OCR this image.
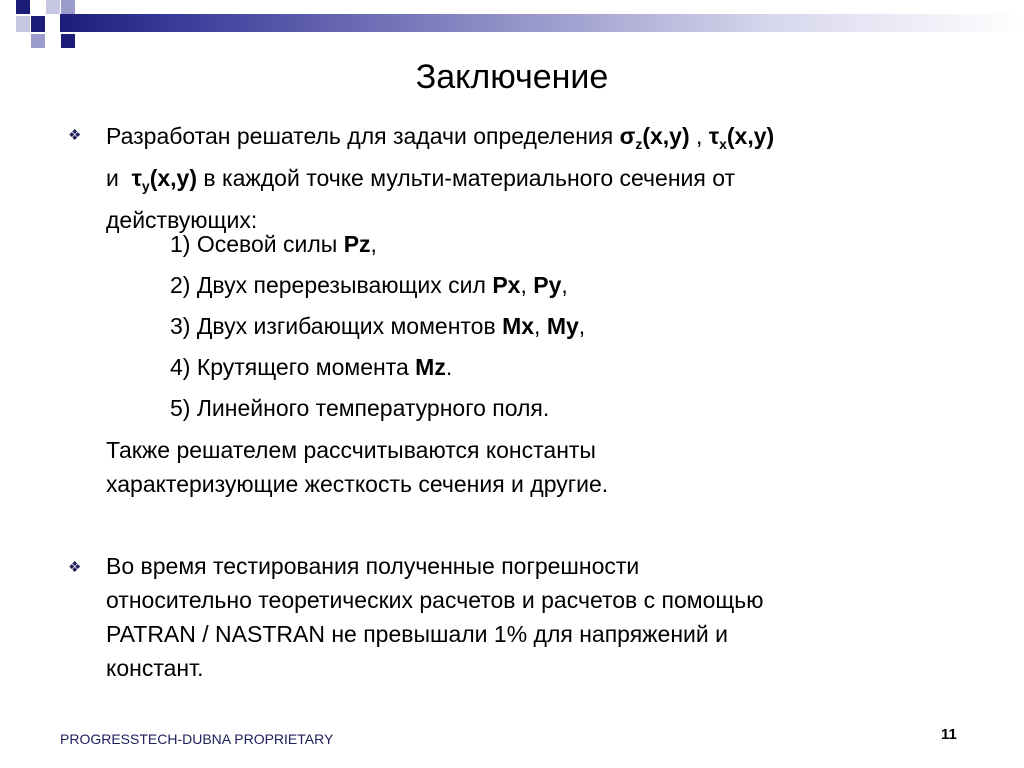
Заключение
❖ Разработан решатель для задачи определения $\sigma_z(x,y)$ , $\tau_x(x,y)$
и $\tau_y(x,y)$ в каждой точке мульти-материального сечения от
действующих:
1) Осевой силы Pz,
2) Двух перерезывающих сил Px, Py,
3) Двух изгибающих моментов Mx, My,
4) Крутящего момента Mz.
5) Линейного температурного поля.
Также решателем рассчитываются константы
характеризующие жесткость сечения и другие.
❖ Во время тестирования полученные погрешности
относительно теоретических расчетов и расчетов с помощью
PATRAN / NASTRAN не превышали 1% для напряжений и
констант.
PROGRESSTECH-DUBNA PROPRIETARY	11
